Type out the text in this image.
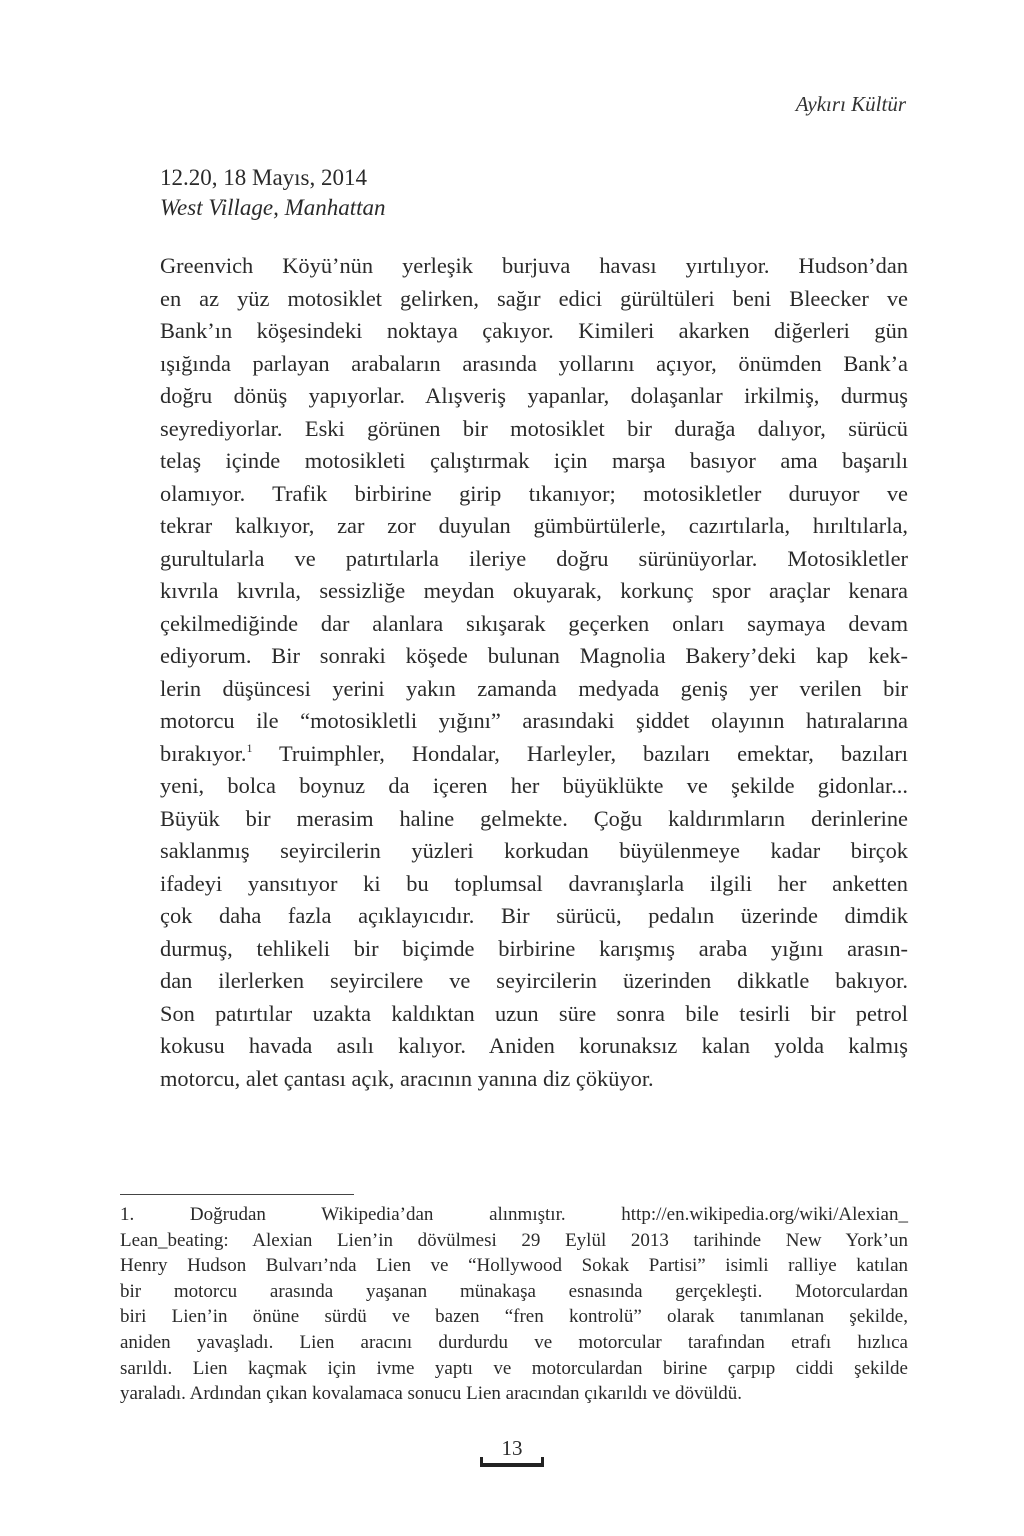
Aykırı Kültür
12.20, 18 Mayıs, 2014
West Village, Manhattan
Greenvich Köyü’nün yerleşik burjuva havası yırtılıyor. Hudson’dan
en az yüz motosiklet gelirken, sağır edici gürültüleri beni Bleecker ve
Bank’ın köşesindeki noktaya çakıyor. Kimileri akarken diğerleri gün
ışığında parlayan arabaların arasında yollarını açıyor, önümden Bank’a
doğru dönüş yapıyorlar. Alışveriş yapanlar, dolaşanlar irkilmiş, durmuş
seyrediyorlar. Eski görünen bir motosiklet bir durağa dalıyor, sürücü
telaş içinde motosikleti çalıştırmak için marşa basıyor ama başarılı
olamıyor. Trafik birbirine girip tıkanıyor; motosikletler duruyor ve
tekrar kalkıyor, zar zor duyulan gümbürtülerle, cazırtılarla, hırıltılarla,
gurultularla ve patırtılarla ileriye doğru sürünüyorlar. Motosikletler
kıvrıla kıvrıla, sessizliğe meydan okuyarak, korkunç spor araçlar kenara
çekilmediğinde dar alanlara sıkışarak geçerken onları saymaya devam
ediyorum. Bir sonraki köşede bulunan Magnolia Bakery’deki kap kek-
lerin düşüncesi yerini yakın zamanda medyada geniş yer verilen bir
motorcu ile “motosikletli yığını” arasındaki şiddet olayının hatıralarına
bırakıyor.$^1$ Truimphler, Hondalar, Harleyler, bazıları emektar, bazıları
yeni, bolca boynuz da içeren her büyüklükte ve şekilde gidonlar...
Büyük bir merasim haline gelmekte. Çoğu kaldırımların derinlerine
saklanmış seyircilerin yüzleri korkudan büyülenmeye kadar birçok
ifadeyi yansıtıyor ki bu toplumsal davranışlarla ilgili her anketten
çok daha fazla açıklayıcıdır. Bir sürücü, pedalın üzerinde dimdik
durmuş, tehlikeli bir biçimde birbirine karışmış araba yığını arasın-
dan ilerlerken seyircilere ve seyircilerin üzerinden dikkatle bakıyor.
Son patırtılar uzakta kaldıktan uzun süre sonra bile tesirli bir petrol
kokusu havada asılı kalıyor. Aniden korunaksız kalan yolda kalmış
motorcu, alet çantası açık, aracının yanına diz çöküyor.
1. Doğrudan Wikipedia’dan alınmıştır. http://en.wikipedia.org/wiki/Alexian_
Lean_beating: Alexian Lien’in dövülmesi 29 Eylül 2013 tarihinde New York’un
Henry Hudson Bulvarı’nda Lien ve “Hollywood Sokak Partisi” isimli ralliye katılan
bir motorcu arasında yaşanan münakaşa esnasında gerçekleşti. Motorculardan
biri Lien’in önüne sürdü ve bazen “fren kontrolü” olarak tanımlanan şekilde,
aniden yavaşladı. Lien aracını durdurdu ve motorcular tarafından etrafı hızlıca
sarıldı. Lien kaçmak için ivme yaptı ve motorculardan birine çarpıp ciddi şekilde
yaraladı. Ardından çıkan kovalamaca sonucu Lien aracından çıkarıldı ve dövüldü.
13
